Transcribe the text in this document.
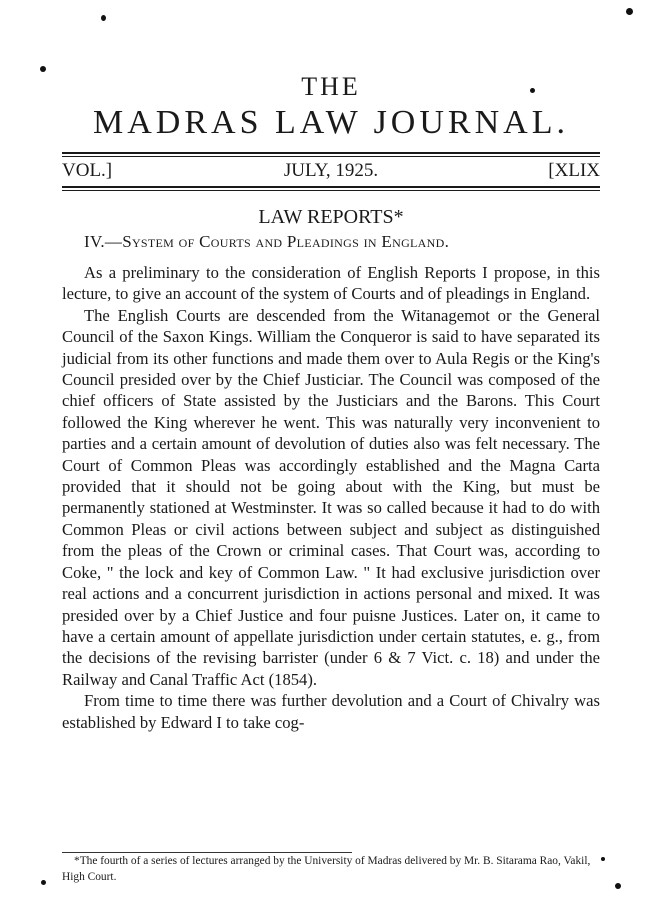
THE
MADRAS LAW JOURNAL.
VOL.]	JULY, 1925.	[XLIX
LAW REPORTS*
IV.—System of Courts and Pleadings in England.

As a preliminary to the consideration of English Reports I propose, in this lecture, to give an account of the system of Courts and of pleadings in England.

The English Courts are descended from the Witanagemot or the General Council of the Saxon Kings. William the Conqueror is said to have separated its judicial from its other functions and made them over to Aula Regis or the King's Council presided over by the Chief Justiciar. The Council was composed of the chief officers of State assisted by the Justiciars and the Barons. This Court followed the King wherever he went. This was naturally very inconvenient to parties and a certain amount of devolution of duties also was felt necessary. The Court of Common Pleas was accordingly established and the Magna Carta provided that it should not be going about with the King, but must be permanently stationed at Westminster. It was so called because it had to do with Common Pleas or civil actions between subject and subject as distinguished from the pleas of the Crown or criminal cases. That Court was, according to Coke, " the lock and key of Common Law. " It had exclusive jurisdiction over real actions and a concurrent jurisdiction in actions personal and mixed. It was presided over by a Chief Justice and four puisne Justices. Later on, it came to have a certain amount of appellate jurisdiction under certain statutes, e. g., from the decisions of the revising barrister (under 6 & 7 Vict. c. 18) and under the Railway and Canal Traffic Act (1854).

From time to time there was further devolution and a Court of Chivalry was established by Edward I to take cog-

*The fourth of a series of lectures arranged by the University of Madras delivered by Mr. B. Sitarama Rao, Vakil, High Court.
